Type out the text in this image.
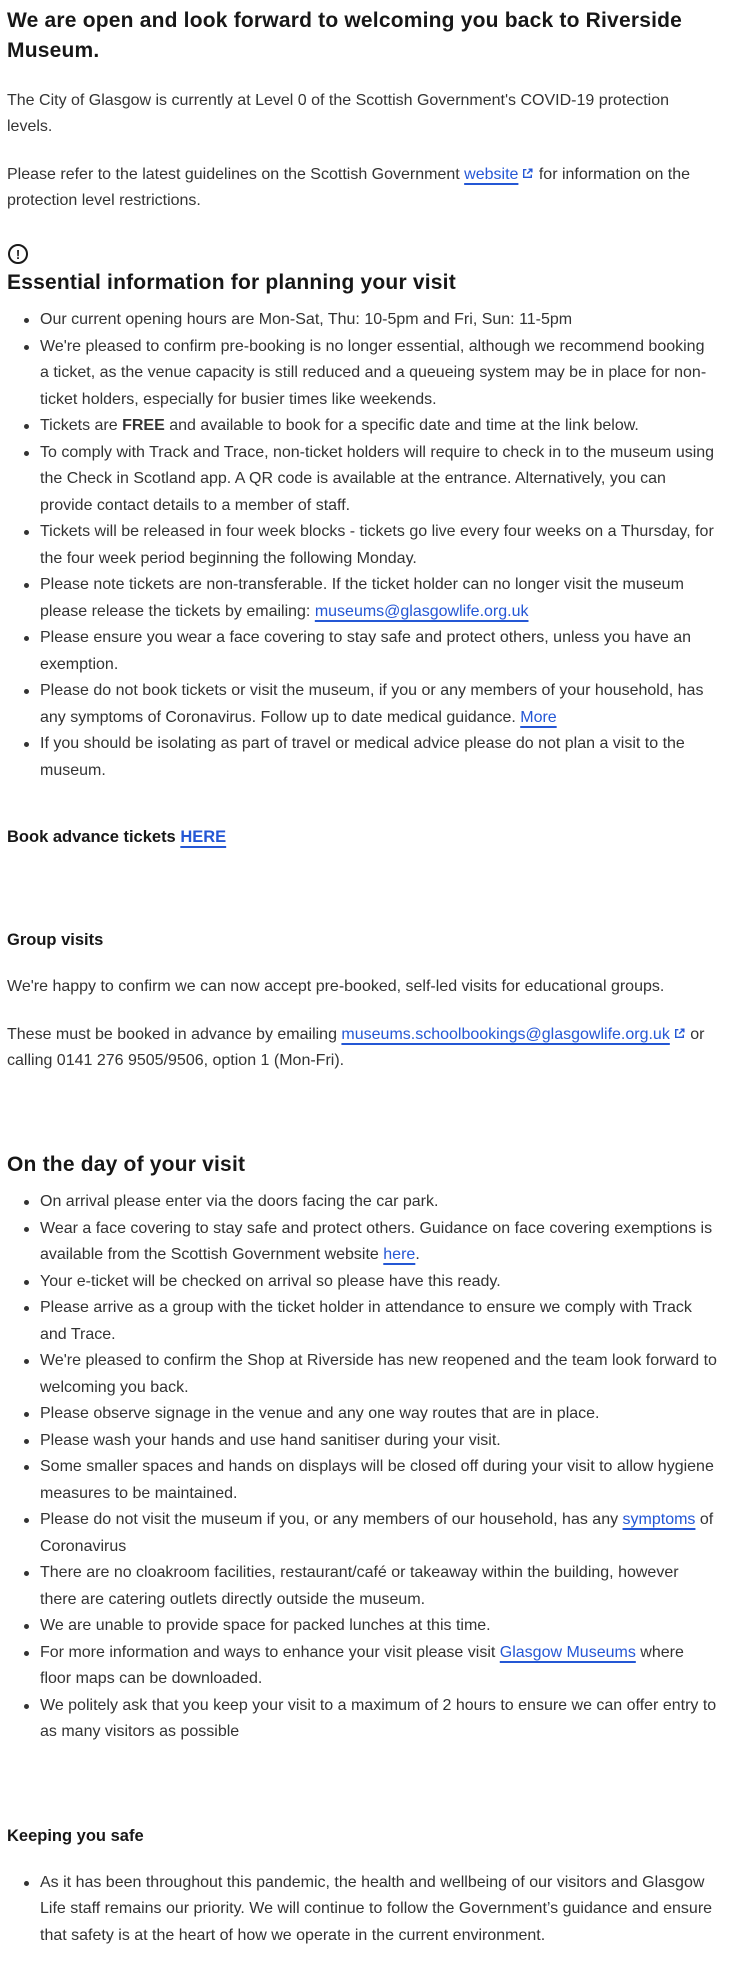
We are open and look forward to welcoming you back to Riverside Museum.

The City of Glasgow is currently at Level 0 of the Scottish Government's COVID-19 protection levels.

Please refer to the latest guidelines on the Scottish Government website for information on the protection level restrictions.

!
Essential information for planning your visit
Our current opening hours are Mon-Sat, Thu: 10-5pm and Fri, Sun: 11-5pm
We're pleased to confirm pre-booking is no longer essential, although we recommend booking a ticket, as the venue capacity is still reduced and a queueing system may be in place for non-ticket holders, especially for busier times like weekends.
Tickets are FREE and available to book for a specific date and time at the link below.
To comply with Track and Trace, non-ticket holders will require to check in to the museum using the Check in Scotland app. A QR code is available at the entrance. Alternatively, you can provide contact details to a member of staff.
Tickets will be released in four week blocks - tickets go live every four weeks on a Thursday, for the four week period beginning the following Monday.
Please note tickets are non-transferable. If the ticket holder can no longer visit the museum please release the tickets by emailing: museums@glasgowlife.org.uk
Please ensure you wear a face covering to stay safe and protect others, unless you have an exemption.
Please do not book tickets or visit the museum, if you or any members of your household, has any symptoms of Coronavirus. Follow up to date medical guidance. More
If you should be isolating as part of travel or medical advice please do not plan a visit to the museum.

Book advance tickets HERE

Group visits

We're happy to confirm we can now accept pre-booked, self-led visits for educational groups.

These must be booked in advance by emailing museums.schoolbookings@glasgowlife.org.uk or calling 0141 276 9505/9506, option 1 (Mon-Fri).

On the day of your visit
On arrival please enter via the doors facing the car park.
Wear a face covering to stay safe and protect others. Guidance on face covering exemptions is available from the Scottish Government website here.
Your e-ticket will be checked on arrival so please have this ready.
Please arrive as a group with the ticket holder in attendance to ensure we comply with Track and Trace.
We're pleased to confirm the Shop at Riverside has new reopened and the team look forward to welcoming you back.
Please observe signage in the venue and any one way routes that are in place.
Please wash your hands and use hand sanitiser during your visit.
Some smaller spaces and hands on displays will be closed off during your visit to allow hygiene measures to be maintained.
Please do not visit the museum if you, or any members of our household, has any symptoms of Coronavirus
There are no cloakroom facilities, restaurant/café or takeaway within the building, however there are catering outlets directly outside the museum.
We are unable to provide space for packed lunches at this time.
For more information and ways to enhance your visit please visit Glasgow Museums where floor maps can be downloaded.
We politely ask that you keep your visit to a maximum of 2 hours to ensure we can offer entry to as many visitors as possible
Keeping you safe
As it has been throughout this pandemic, the health and wellbeing of our visitors and Glasgow Life staff remains our priority. We will continue to follow the Government’s guidance and ensure that safety is at the heart of how we operate in the current environment.
